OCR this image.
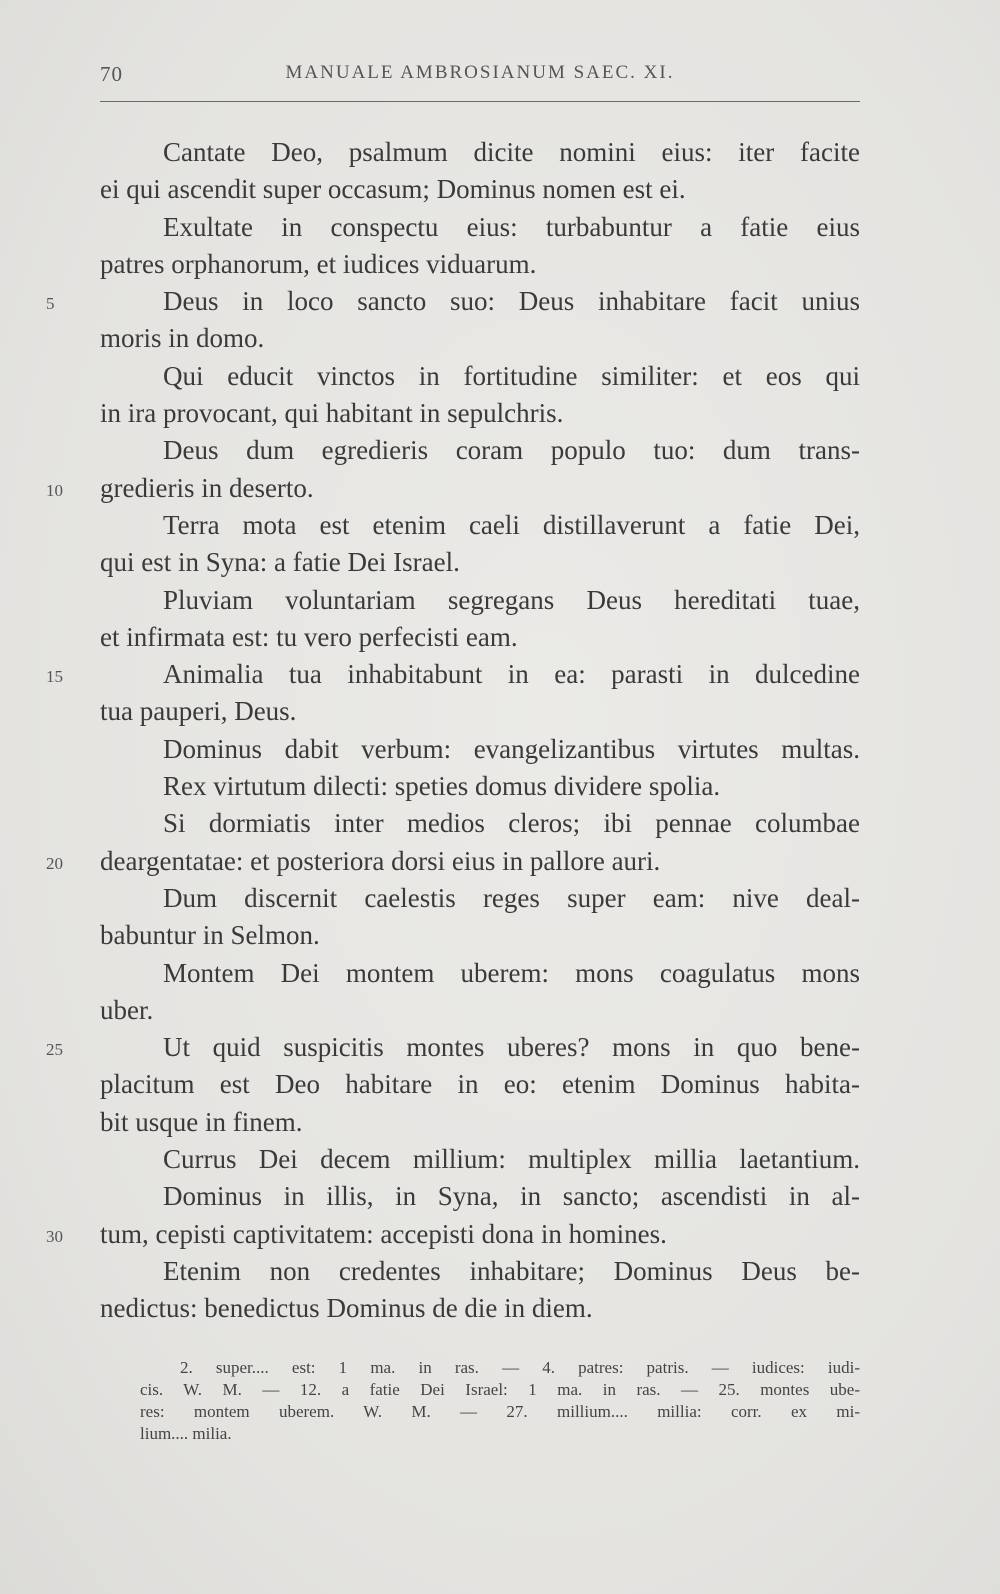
70	MANUALE AMBROSIANUM SAEC. XI.
Cantate Deo, psalmum dicite nomini eius: iter facite
ei qui ascendit super occasum; Dominus nomen est ei.
Exultate in conspectu eius: turbabuntur a fatie eius
patres orphanorum, et iudices viduarum.
Deus in loco sancto suo: Deus inhabitare facit unius
5
moris in domo.
Qui educit vinctos in fortitudine similiter: et eos qui
in ira provocant, qui habitant in sepulchris.
Deus dum egredieris coram populo tuo: dum trans-
gredieris in deserto.
10
Terra mota est etenim caeli distillaverunt a fatie Dei,
qui est in Syna: a fatie Dei Israel.
Pluviam voluntariam segregans Deus hereditati tuae,
et infirmata est: tu vero perfecisti eam.
Animalia tua inhabitabunt in ea: parasti in dulcedine
15
tua pauperi, Deus.
Dominus dabit verbum: evangelizantibus virtutes multas.
Rex virtutum dilecti: speties domus dividere spolia.
Si dormiatis inter medios cleros; ibi pennae columbae
deargentatae: et posteriora dorsi eius in pallore auri.
20
Dum discernit caelestis reges super eam: nive deal-
babuntur in Selmon.
Montem Dei montem uberem: mons coagulatus mons
uber.
Ut quid suspicitis montes uberes? mons in quo bene-
25
placitum est Deo habitare in eo: etenim Dominus habita-
bit usque in finem.
Currus Dei decem millium: multiplex millia laetantium.
Dominus in illis, in Syna, in sancto; ascendisti in al-
tum, cepisti captivitatem: accepisti dona in homines.
30
Etenim non credentes inhabitare; Dominus Deus be-
nedictus: benedictus Dominus de die in diem.
2. super.... est: 1 ma. in ras. — 4. patres: patris. — iudices: iudi-
cis. W. M. — 12. a fatie Dei Israel: 1 ma. in ras. — 25. montes ube-
res: montem uberem. W. M. — 27. millium.... millia: corr. ex mi-
lium.... milia.
